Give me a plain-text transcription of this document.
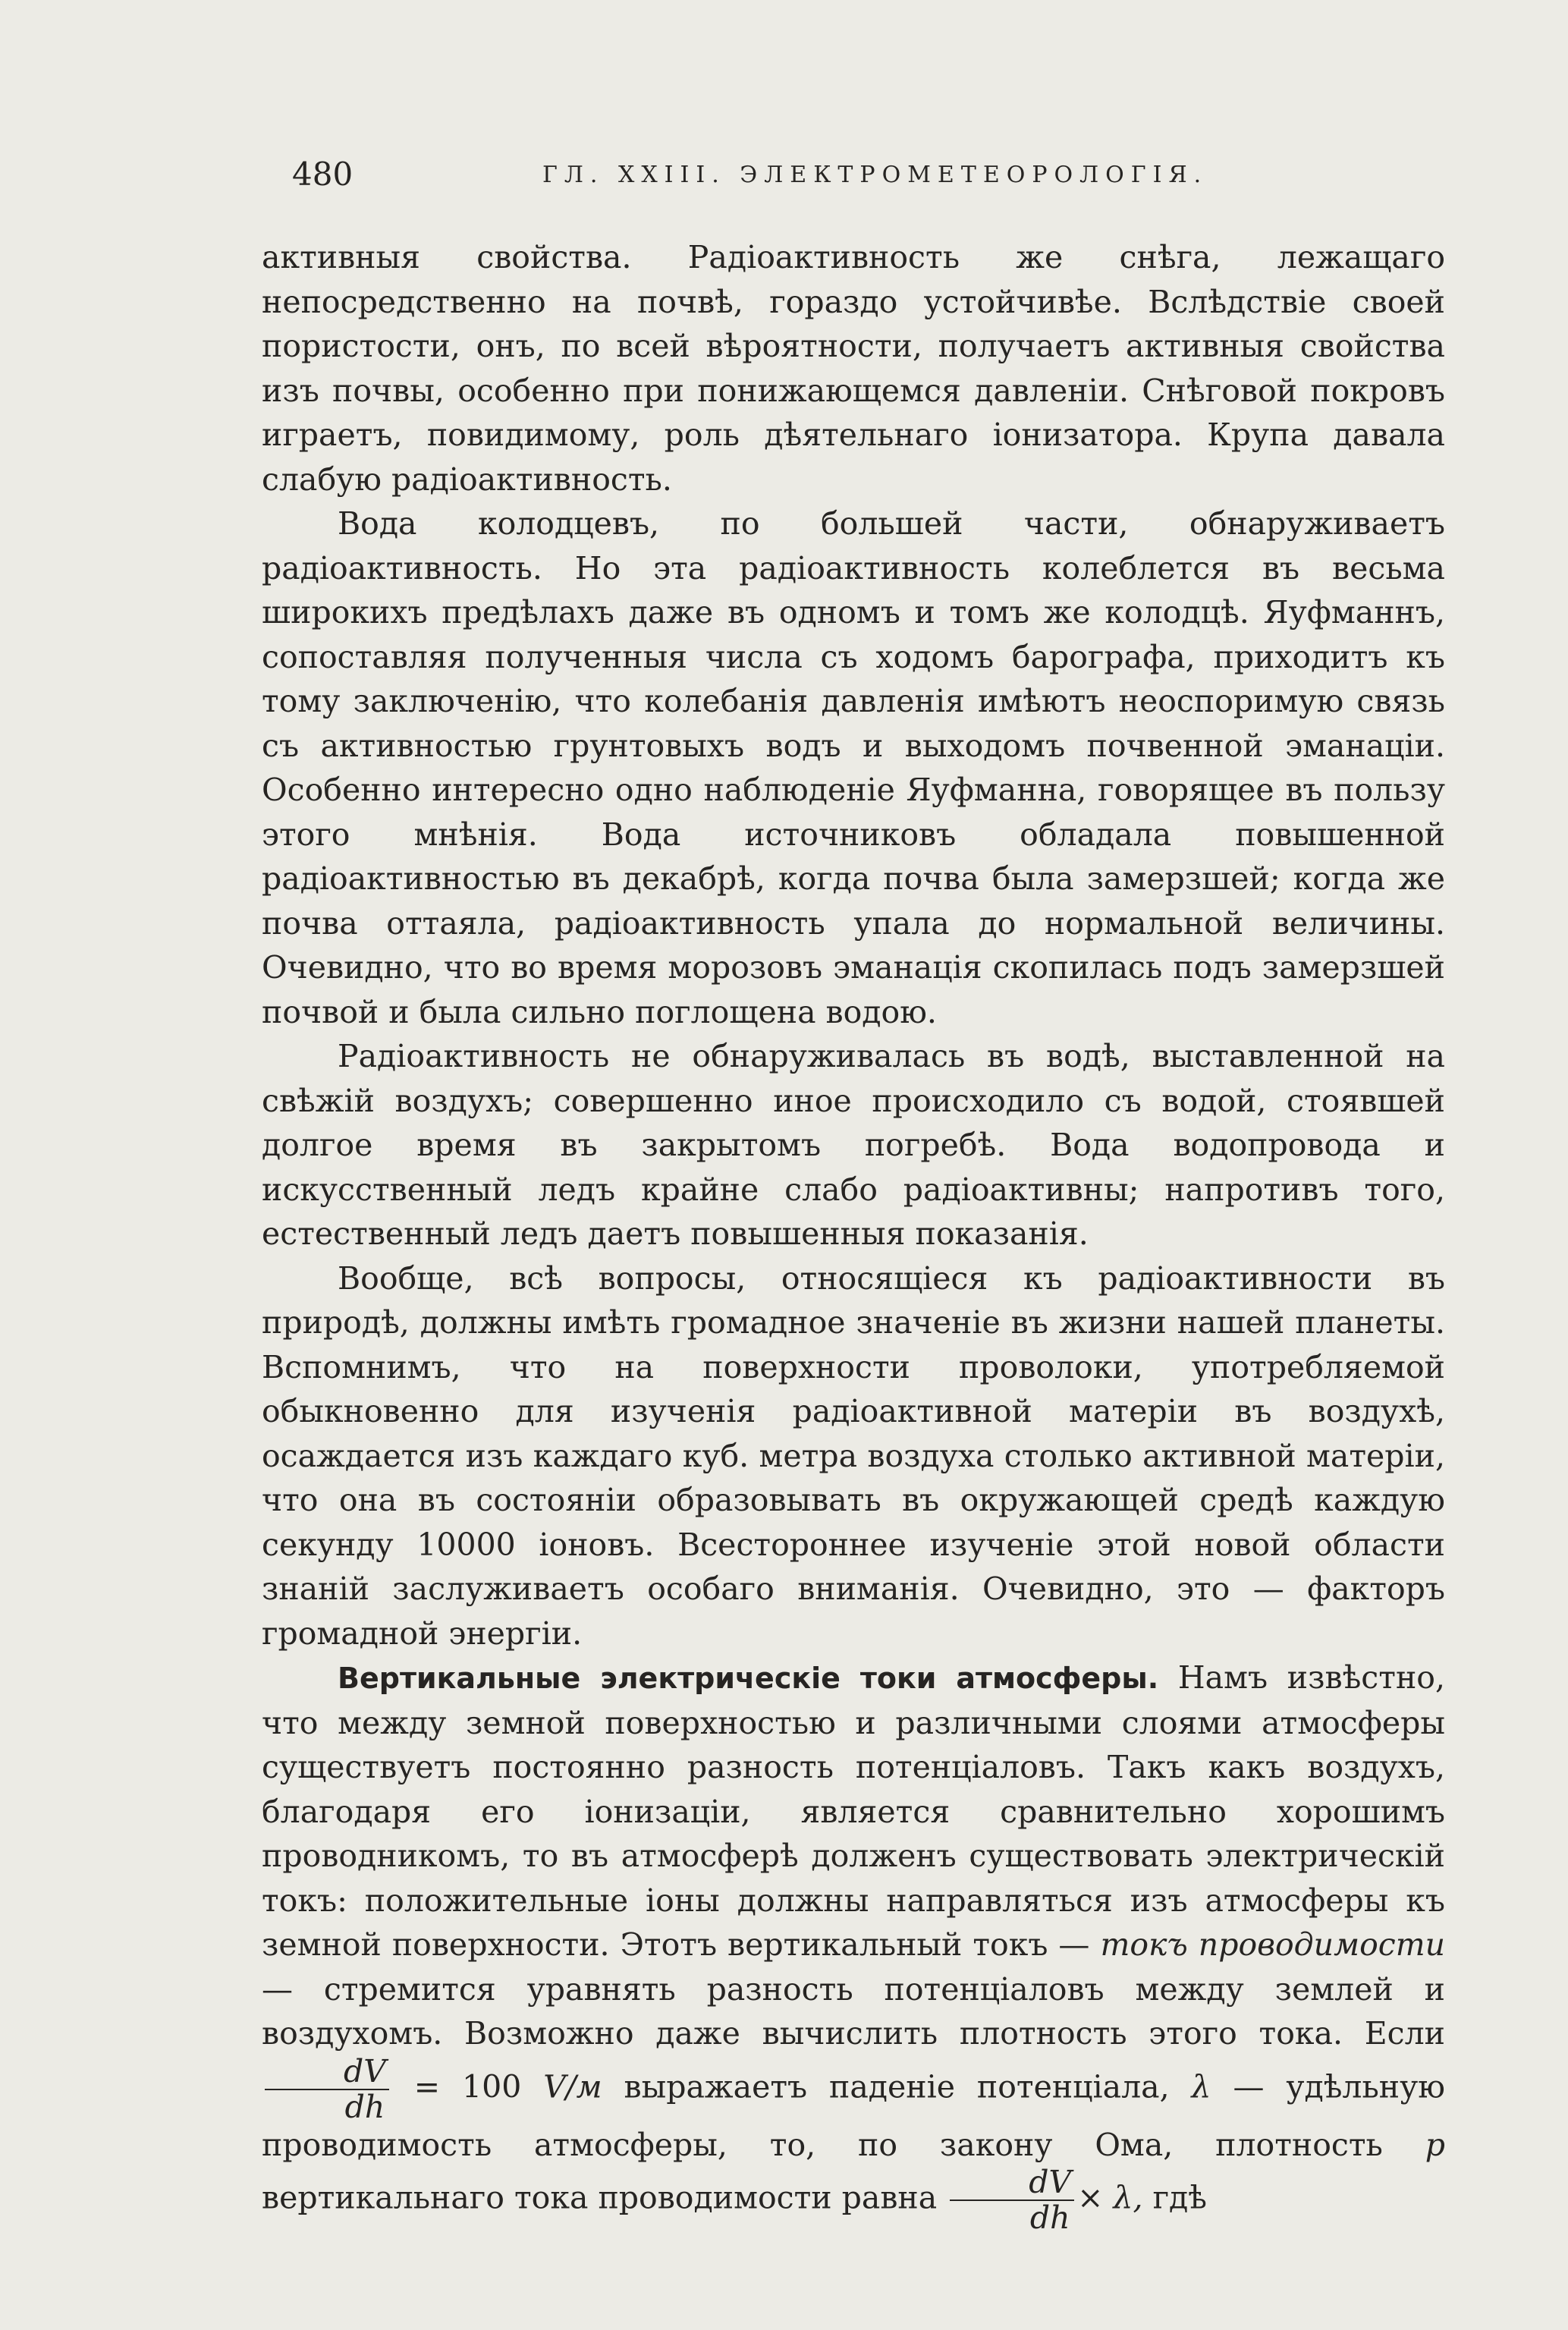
480	ГЛ. XXIII. ЭЛЕКТРОМЕТЕОРОЛОГІЯ.

активныя свойства. Радіоактивность же снѣга, лежащаго непосредственно на почвѣ, гораздо устойчивѣе. Вслѣдствіе своей пористости, онъ, по всей вѣроятности, получаетъ активныя свойства изъ почвы, особенно при понижающемся давленіи. Снѣговой покровъ играетъ, повидимому, роль дѣятельнаго іонизатора. Крупа давала слабую радіоактивность.

Вода колодцевъ, по большей части, обнаруживаетъ радіоактивность. Но эта радіоактивность колеблется въ весьма широкихъ предѣлахъ даже въ одномъ и томъ же колодцѣ. Яуфманнъ, сопоставляя полученныя числа съ ходомъ барографа, приходитъ къ тому заключенію, что колебанія давленія имѣютъ неоспоримую связь съ активностью грунтовыхъ водъ и выходомъ почвенной эманаціи. Особенно интересно одно наблюденіе Яуфманна, говорящее въ пользу этого мнѣнія. Вода источниковъ обладала повышенной радіоактивностью въ декабрѣ, когда почва была замерзшей; когда же почва оттаяла, радіоактивность упала до нормальной величины. Очевидно, что во время морозовъ эманація скопилась подъ замерзшей почвой и была сильно поглощена водою.

Радіоактивность не обнаруживалась въ водѣ, выставленной на свѣжій воздухъ; совершенно иное происходило съ водой, стоявшей долгое время въ закрытомъ погребѣ. Вода водопровода и искусственный ледъ крайне слабо радіоактивны; напротивъ того, естественный ледъ даетъ повышенныя показанія.

Вообще, всѣ вопросы, относящіеся къ радіоактивности въ природѣ, должны имѣть громадное значеніе въ жизни нашей планеты. Вспомнимъ, что на поверхности проволоки, употребляемой обыкновенно для изученія радіоактивной матеріи въ воздухѣ, осаждается изъ каждаго куб. метра воздуха столько активной матеріи, что она въ состояніи образовывать въ окружающей средѣ каждую секунду 10000 іоновъ. Всестороннее изученіе этой новой области знаній заслуживаетъ особаго вниманія. Очевидно, это — факторъ громадной энергіи.

Вертикальные электрическіе токи атмосферы. Намъ извѣстно, что между земной поверхностью и различными слоями атмосферы существуетъ постоянно разность потенціаловъ. Такъ какъ воздухъ, благодаря его іонизаціи, является сравнительно хорошимъ проводникомъ, то въ атмосферѣ долженъ существовать электрическій токъ: положительные іоны должны направляться изъ атмосферы къ земной поверхности. Этотъ вертикальный токъ — токъ проводимости — стремится уравнять разность потенціаловъ между землей и воздухомъ. Возможно даже вычислить плотность этого тока. Если
$\frac{dV}{dh} = 100$ V/м выражаетъ паденіе потенціала, λ — удѣльную проводимость атмосферы, то, по закону Ома, плотность p вертикальнаго тока проводимости равна $\frac{dV}{dh} \times \lambda$, гдѣ
